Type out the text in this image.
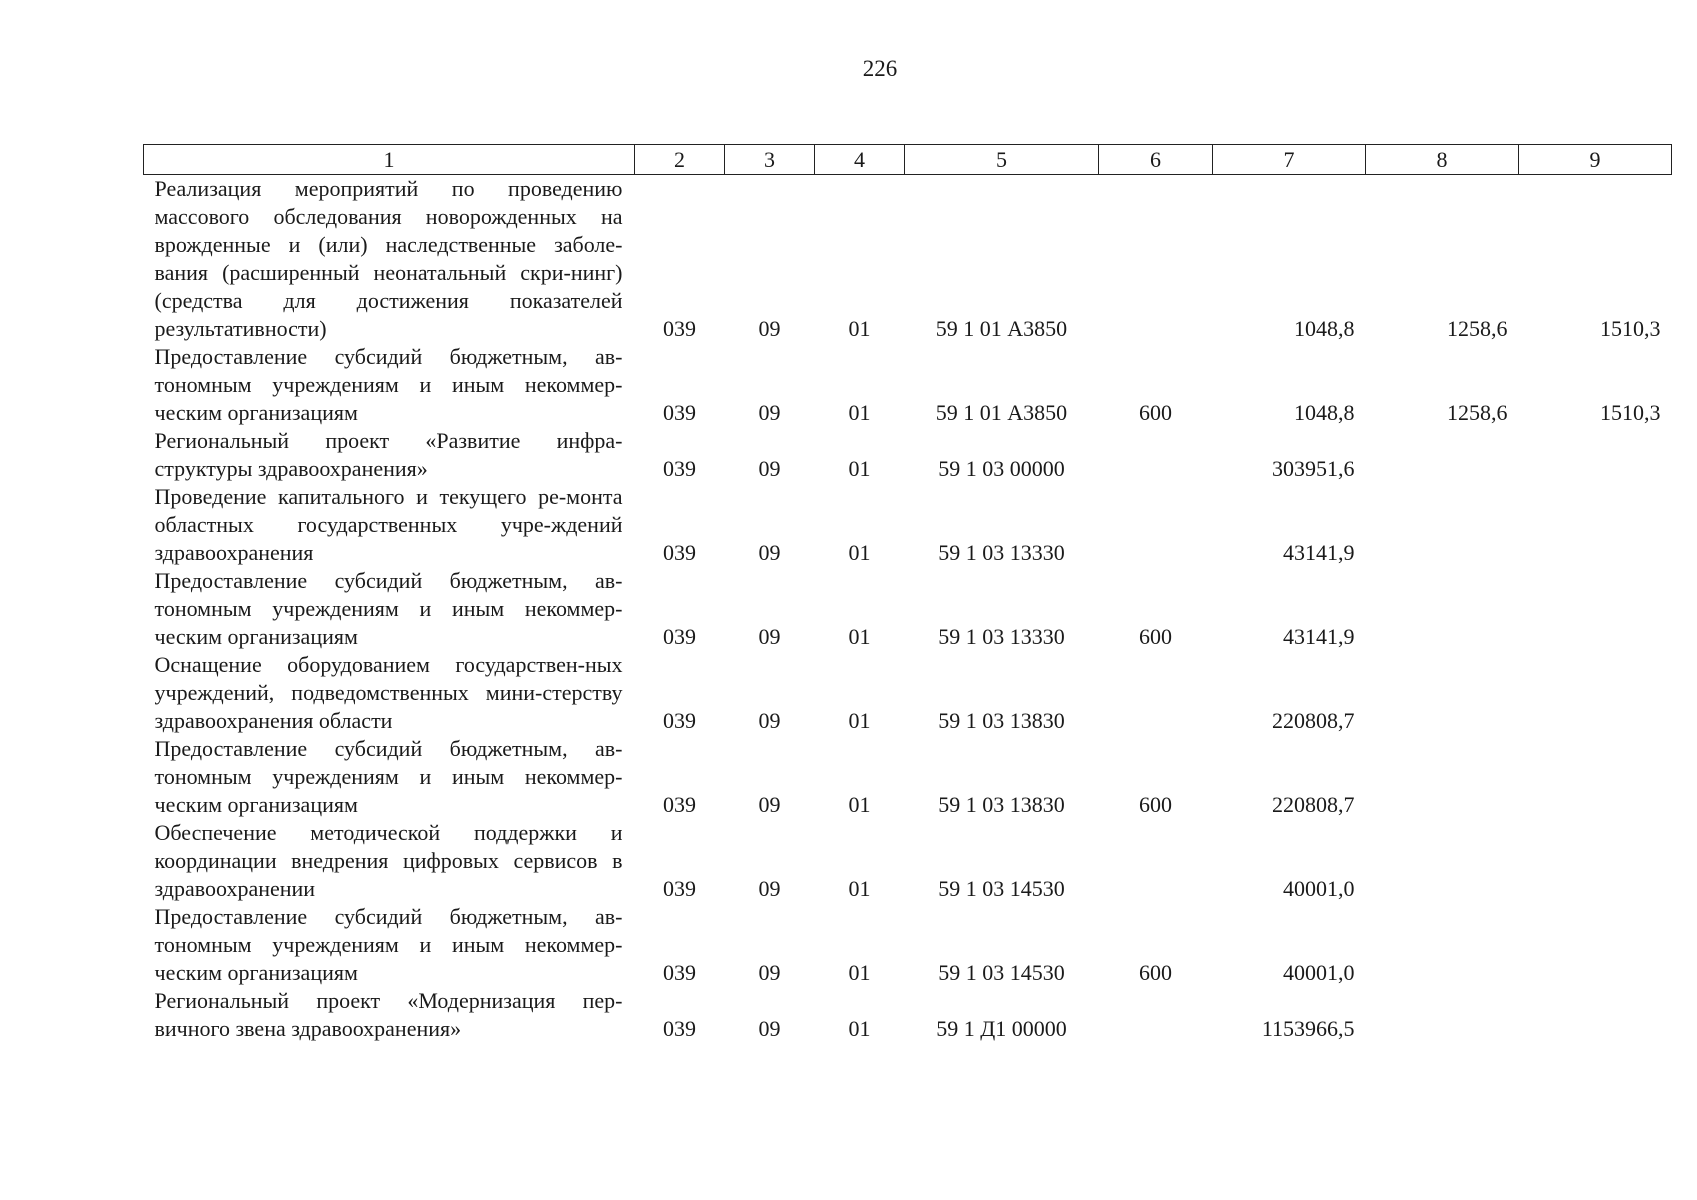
226
1	2	3	4	5	6	7	8	9
Реализация мероприятий по проведению массового обследования новорожденных на врожденные и (или) наследственные заболе-вания (расширенный неонатальный скри-нинг) (средства для достижения показателей результативности)	039	09	01	59 1 01 А3850		1048,8	1258,6	1510,3
Предоставление субсидий бюджетным, ав-тономным учреждениям и иным некоммер-ческим организациям	039	09	01	59 1 01 А3850	600	1048,8	1258,6	1510,3
Региональный проект «Развитие инфра-структуры здравоохранения»	039	09	01	59 1 03 00000		303951,6		
Проведение капитального и текущего ре-монта областных государственных учре-ждений здравоохранения	039	09	01	59 1 03 13330		43141,9		
Предоставление субсидий бюджетным, ав-тономным учреждениям и иным некоммер-ческим организациям	039	09	01	59 1 03 13330	600	43141,9		
Оснащение оборудованием государствен-ных учреждений, подведомственных мини-стерству здравоохранения области	039	09	01	59 1 03 13830		220808,7		
Предоставление субсидий бюджетным, ав-тономным учреждениям и иным некоммер-ческим организациям	039	09	01	59 1 03 13830	600	220808,7		
Обеспечение методической поддержки и координации внедрения цифровых сервисов в здравоохранении	039	09	01	59 1 03 14530		40001,0		
Предоставление субсидий бюджетным, ав-тономным учреждениям и иным некоммер-ческим организациям	039	09	01	59 1 03 14530	600	40001,0		
Региональный проект «Модернизация пер-вичного звена здравоохранения»	039	09	01	59 1 Д1 00000		1153966,5		
